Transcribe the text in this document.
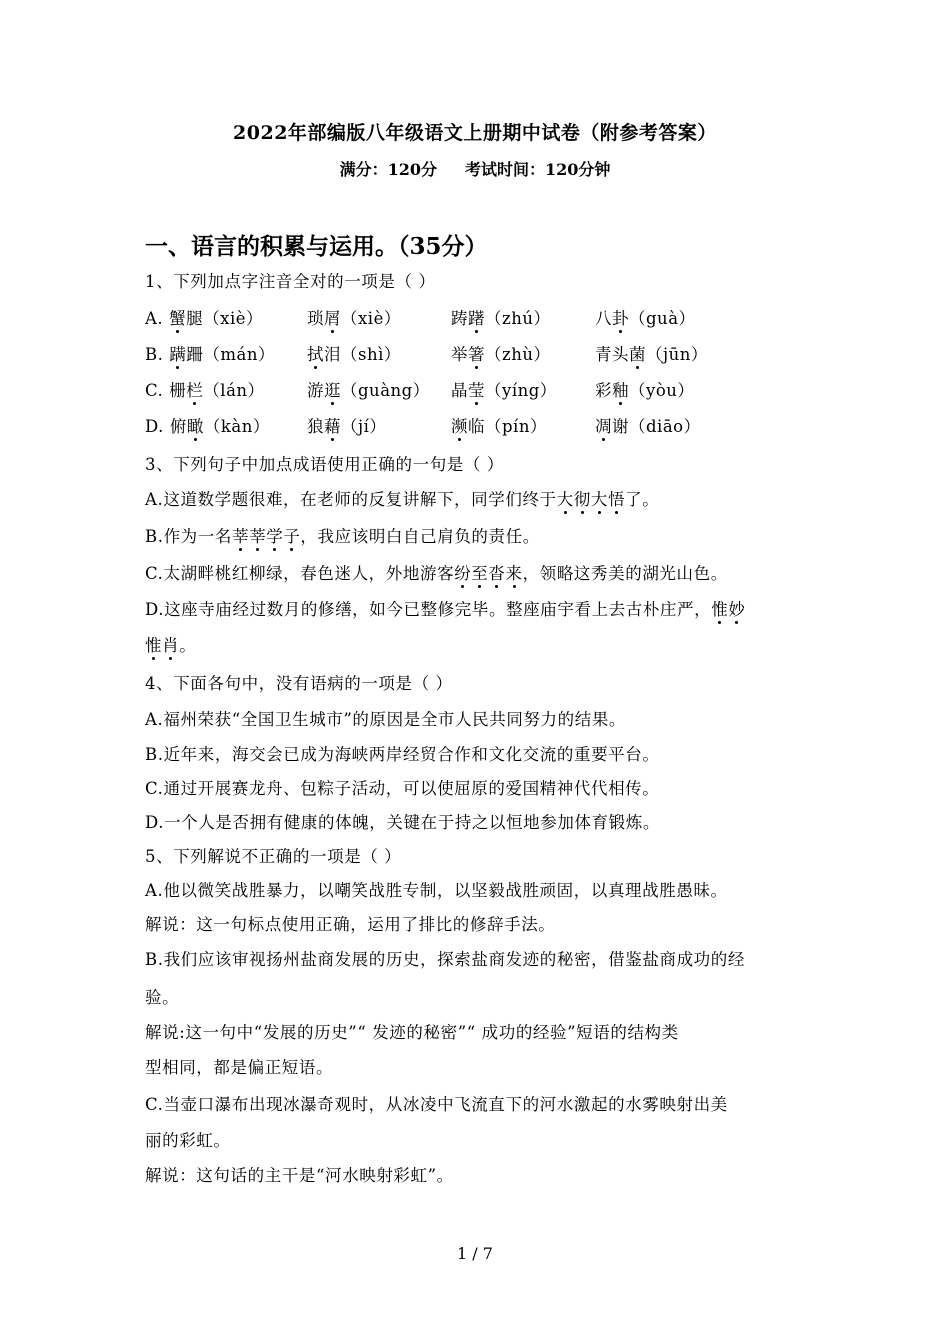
2022年部编版八年级语文上册期中试卷（附参考答案）
满分：120分 考试时间：120分钟
一、语言的积累与运用。（35分）
1、下列加点字注音全对的一项是（ ）
A. 蟹腿（xiè）	琐屑（xiè）	踌躇（zhú）	八卦（guà）
B. 蹒跚（mán） 拭泪（shì）	举箸（zhù）	青头菌（jūn）
C. 栅栏（lán）	游逛（guàng） 晶莹（yíng） 彩釉（yòu）
D. 俯瞰（kàn） 狼藉（jí）	濒临（pín）	凋谢（diāo）
3、下列句子中加点成语使用正确的一句是（ ）
A.这道数学题很难，在老师的反复讲解下，同学们终于大彻大悟了。
B.作为一名莘莘学子，我应该明白自己肩负的责任。
C.太湖畔桃红柳绿，春色迷人，外地游客纷至沓来，领略这秀美的湖光山色。
D.这座寺庙经过数月的修缮，如今已整修完毕。整座庙宇看上去古朴庄严，惟妙
惟肖。
4、下面各句中，没有语病的一项是（ ）
A.福州荣获“全国卫生城市”的原因是全市人民共同努力的结果。
B.近年来，海交会已成为海峡两岸经贸合作和文化交流的重要平台。
C.通过开展赛龙舟、包粽子活动，可以使屈原的爱国精神代代相传。
D.一个人是否拥有健康的体魄，关键在于持之以恒地参加体育锻炼。
5、下列解说不正确的一项是（ ）
A.他以微笑战胜暴力，以嘲笑战胜专制，以坚毅战胜顽固，以真理战胜愚昧。
解说：这一句标点使用正确，运用了排比的修辞手法。
B.我们应该审视扬州盐商发展的历史，探索盐商发迹的秘密，借鉴盐商成功的经
验。
解说:这一句中“发展的历史”“ 发迹的秘密”“ 成功的经验”短语的结构类
型相同，都是偏正短语。
C.当壶口瀑布出现冰瀑奇观时，从冰凌中飞流直下的河水激起的水雾映射出美
丽的彩虹。
解说：这句话的主干是“河水映射彩虹”。
1 / 7
